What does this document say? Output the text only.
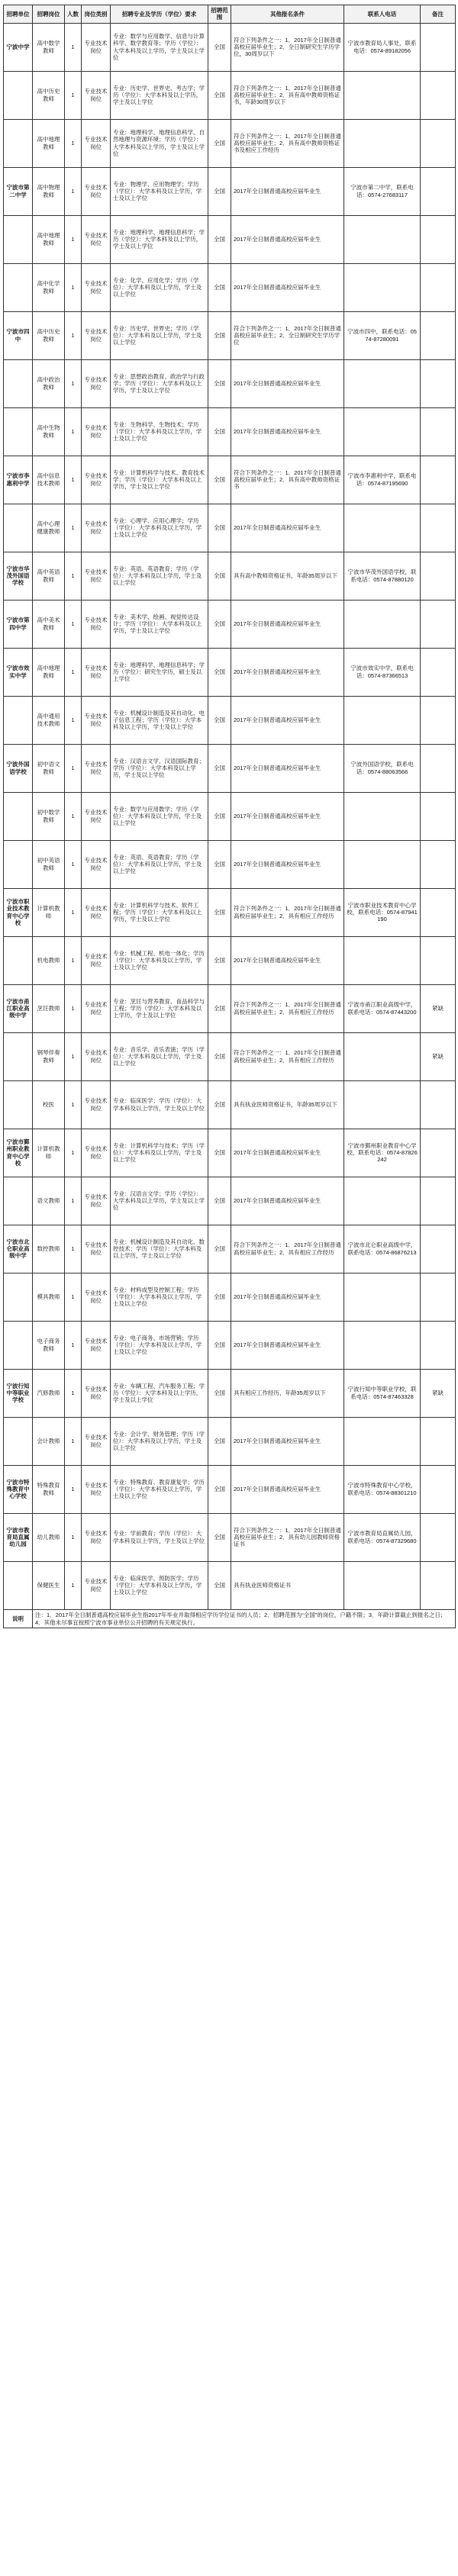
招聘单位	招聘岗位	人数	岗位类别	招聘专业及学历（学位）要求	招聘范围	其他报名条件	联系人电话	备注
宁波中学	高中数学教师	1	专业技术岗位	专业：数学与应用数学、信息与计算科学、数学教育等；学历（学位）：大学本科及以上学历，学士及以上学位	全国	符合下列条件之一：1．2017年全日制普通高校应届毕业生；2．全日制研究生学历学位，30周岁以下	宁波市教育局人事处，联系电话：0574-89182056	
	高中历史教师	1	专业技术岗位	专业：历史学、世界史、考古学；学历（学位）：大学本科及以上学历，学士及以上学位	全国	符合下列条件之一：1．2017年全日制普通高校应届毕业生；2．具有高中教师资格证书，年龄30周岁以下		
	高中地理教师	1	专业技术岗位	专业：地理科学、地理信息科学、自然地理与资源环境；学历（学位）：大学本科及以上学历，学士及以上学位	全国	符合下列条件之一：1．2017年全日制普通高校应届毕业生；2．具有高中教师资格证书及相应工作经历		
宁波市第二中学	高中物理教师	1	专业技术岗位	专业：物理学、应用物理学；学历（学位）：大学本科及以上学历，学士及以上学位	全国	2017年全日制普通高校应届毕业生	宁波市第二中学，联系电话：0574-27683117	
	高中地理教师	1	专业技术岗位	专业：地理科学、地理信息科学；学历（学位）：大学本科及以上学历，学士及以上学位	全国	2017年全日制普通高校应届毕业生		
	高中化学教师	1	专业技术岗位	专业：化学、应用化学；学历（学位）：大学本科及以上学历，学士及以上学位	全国	2017年全日制普通高校应届毕业生		
宁波市四中	高中历史教师	1	专业技术岗位	专业：历史学、世界史；学历（学位）：大学本科及以上学历，学士及以上学位	全国	符合下列条件之一：1．2017年全日制普通高校应届毕业生；2．全日制研究生学历学位	宁波市四中，联系电话：0574-87280091	
	高中政治教师	1	专业技术岗位	专业：思想政治教育、政治学与行政学；学历（学位）：大学本科及以上学历，学士及以上学位	全国	2017年全日制普通高校应届毕业生		
	高中生物教师	1	专业技术岗位	专业：生物科学、生物技术；学历（学位）：大学本科及以上学历，学士及以上学位	全国	2017年全日制普通高校应届毕业生		
宁波市李惠利中学	高中信息技术教师	1	专业技术岗位	专业：计算机科学与技术、教育技术学；学历（学位）：大学本科及以上学历，学士及以上学位	全国	符合下列条件之一：1．2017年全日制普通高校应届毕业生；2．具有高中教师资格证书	宁波市李惠利中学，联系电话：0574-87195690	
	高中心理健康教师	1	专业技术岗位	专业：心理学、应用心理学；学历（学位）：大学本科及以上学历，学士及以上学位	全国	2017年全日制普通高校应届毕业生		
宁波市华茂外国语学校	高中英语教师	1	专业技术岗位	专业：英语、英语教育；学历（学位）：大学本科及以上学历，学士及以上学位	全国	具有高中教师资格证书，年龄35周岁以下	宁波市华茂外国语学校，联系电话：0574-87880120	
宁波市第四中学	高中美术教师	1	专业技术岗位	专业：美术学、绘画、视觉传达设计；学历（学位）：大学本科及以上学历，学士及以上学位	全国	2017年全日制普通高校应届毕业生		
宁波市效实中学	高中地理教师	1	专业技术岗位	专业：地理科学、地理信息科学；学历（学位）：研究生学历，硕士及以上学位	全国	2017年全日制普通高校应届毕业生	宁波市效实中学，联系电话：0574-87366513	
	高中通用技术教师	1	专业技术岗位	专业：机械设计制造及其自动化、电子信息工程；学历（学位）：大学本科及以上学历，学士及以上学位	全国	2017年全日制普通高校应届毕业生		
宁波外国语学校	初中语文教师	1	专业技术岗位	专业：汉语言文学、汉语国际教育；学历（学位）：大学本科及以上学历，学士及以上学位	全国	2017年全日制普通高校应届毕业生	宁波外国语学校，联系电话：0574-88063566	
	初中数学教师	1	专业技术岗位	专业：数学与应用数学；学历（学位）：大学本科及以上学历，学士及以上学位	全国	2017年全日制普通高校应届毕业生		
	初中英语教师	1	专业技术岗位	专业：英语、英语教育；学历（学位）：大学本科及以上学历，学士及以上学位	全国	2017年全日制普通高校应届毕业生		
宁波市职业技术教育中心学校	计算机教师	1	专业技术岗位	专业：计算机科学与技术、软件工程；学历（学位）：大学本科及以上学历，学士及以上学位	全国	符合下列条件之一：1．2017年全日制普通高校应届毕业生；2．具有相应工作经历	宁波市职业技术教育中心学校，联系电话：0574-87941190	
	机电教师	1	专业技术岗位	专业：机械工程、机电一体化；学历（学位）：大学本科及以上学历，学士及以上学位	全国	2017年全日制普通高校应届毕业生		
宁波市甬江职业高级中学	烹饪教师	1	专业技术岗位	专业：烹饪与营养教育、食品科学与工程；学历（学位）：大学本科及以上学历，学士及以上学位	全国	符合下列条件之一：1．2017年全日制普通高校应届毕业生；2．具有相应工作经历	宁波市甬江职业高级中学，联系电话：0574-87443200	紧缺
	钢琴伴奏教师	1	专业技术岗位	专业：音乐学、音乐表演；学历（学位）：大学本科及以上学历，学士及以上学位	全国	符合下列条件之一：1．2017年全日制普通高校应届毕业生；2．具有相应工作经历		紧缺
	校医	1	专业技术岗位	专业：临床医学；学历（学位）：大学本科及以上学历，学士及以上学位	全国	具有执业医师资格证书，年龄35周岁以下		
宁波市鄞州职业教育中心学校	计算机教师	1	专业技术岗位	专业：计算机科学与技术；学历（学位）：大学本科及以上学历，学士及以上学位	全国	2017年全日制普通高校应届毕业生	宁波市鄞州职业教育中心学校，联系电话：0574-87826242	
	语文教师	1	专业技术岗位	专业：汉语言文学；学历（学位）：大学本科及以上学历，学士及以上学位	全国	2017年全日制普通高校应届毕业生		
宁波市北仑职业高级中学	数控教师	1	专业技术岗位	专业：机械设计制造及其自动化、数控技术；学历（学位）：大学本科及以上学历，学士及以上学位	全国	符合下列条件之一：1．2017年全日制普通高校应届毕业生；2．具有相应工作经历	宁波市北仑职业高级中学，联系电话：0574-86876213	
	模具教师	1	专业技术岗位	专业：材料成型及控制工程；学历（学位）：大学本科及以上学历，学士及以上学位	全国	2017年全日制普通高校应届毕业生		
	电子商务教师	1	专业技术岗位	专业：电子商务、市场营销；学历（学位）：大学本科及以上学历，学士及以上学位	全国	2017年全日制普通高校应届毕业生		
宁波行知中等职业学校	汽修教师	1	专业技术岗位	专业：车辆工程、汽车服务工程；学历（学位）：大学本科及以上学历，学士及以上学位	全国	具有相应工作经历，年龄35周岁以下	宁波行知中等职业学校，联系电话：0574-87463328	紧缺
	会计教师	1	专业技术岗位	专业：会计学、财务管理；学历（学位）：大学本科及以上学历，学士及以上学位	全国	2017年全日制普通高校应届毕业生		
宁波市特殊教育中心学校	特殊教育教师	1	专业技术岗位	专业：特殊教育、教育康复学；学历（学位）：大学本科及以上学历，学士及以上学位	全国	2017年全日制普通高校应届毕业生	宁波市特殊教育中心学校，联系电话：0574-88301210	
宁波市教育局直属幼儿园	幼儿教师	1	专业技术岗位	专业：学前教育；学历（学位）：大学本科及以上学历，学士及以上学位	全国	符合下列条件之一：1．2017年全日制普通高校应届毕业生；2．具有幼儿园教师资格证书	宁波市教育局直属幼儿园，联系电话：0574-87329680	
	保健医生	1	专业技术岗位	专业：临床医学、预防医学；学历（学位）：大学本科及以上学历，学士及以上学位	全国	具有执业医师资格证书		
说明	注：1．2017年全日制普通高校应届毕业生指2017年毕业并取得相应学历学位证书的人员；2．招聘范围为“全国”的岗位，户籍不限；3．年龄计算截止到报名之日；4．其他未尽事宜按照宁波市事业单位公开招聘的有关规定执行。							
